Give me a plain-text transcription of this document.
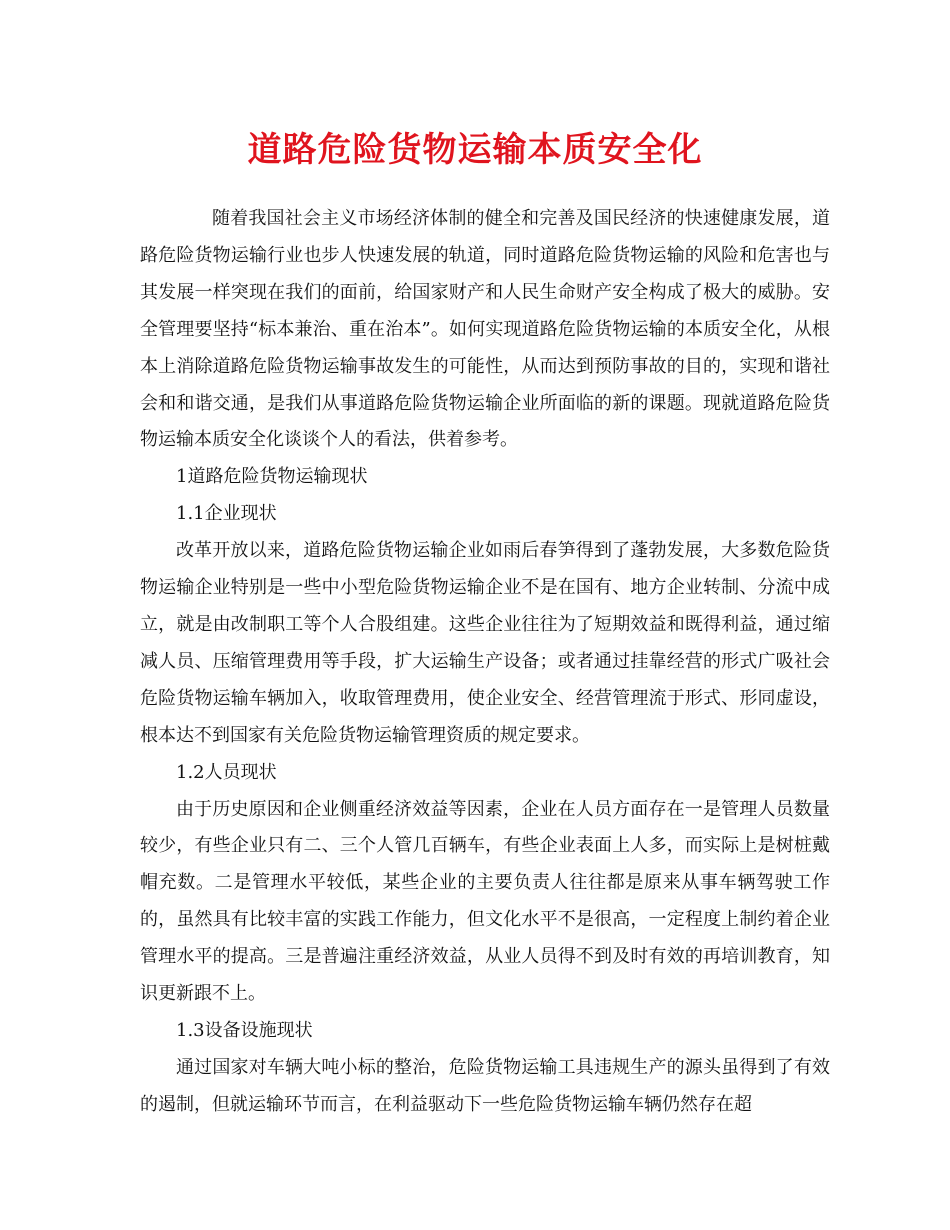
道路危险货物运输本质安全化

随着我国社会主义市场经济体制的健全和完善及国民经济的快速健康发展，道路危险货物运输行业也步人快速发展的轨道，同时道路危险货物运输的风险和危害也与其发展一样突现在我们的面前，给国家财产和人民生命财产安全构成了极大的威胁。安全管理要坚持“标本兼治、重在治本”。如何实现道路危险货物运输的本质安全化，从根本上消除道路危险货物运输事故发生的可能性，从而达到预防事故的目的，实现和谐社会和和谐交通，是我们从事道路危险货物运输企业所面临的新的课题。现就道路危险货物运输本质安全化谈谈个人的看法，供着参考。

1道路危险货物运输现状

1.1企业现状

改革开放以来，道路危险货物运输企业如雨后春笋得到了蓬勃发展，大多数危险货物运输企业特别是一些中小型危险货物运输企业不是在国有、地方企业转制、分流中成立，就是由改制职工等个人合股组建。这些企业往往为了短期效益和既得利益，通过缩减人员、压缩管理费用等手段，扩大运输生产设备；或者通过挂靠经营的形式广吸社会危险货物运输车辆加入，收取管理费用，使企业安全、经营管理流于形式、形同虚设，根本达不到国家有关危险货物运输管理资质的规定要求。

1.2人员现状

由于历史原因和企业侧重经济效益等因素，企业在人员方面存在一是管理人员数量较少，有些企业只有二、三个人管几百辆车，有些企业表面上人多，而实际上是树桩戴帽充数。二是管理水平较低，某些企业的主要负责人往往都是原来从事车辆驾驶工作的，虽然具有比较丰富的实践工作能力，但文化水平不是很高，一定程度上制约着企业管理水平的提高。三是普遍注重经济效益，从业人员得不到及时有效的再培训教育，知识更新跟不上。

1.3设备设施现状

通过国家对车辆大吨小标的整治，危险货物运输工具违规生产的源头虽得到了有效的遏制，但就运输环节而言，在利益驱动下一些危险货物运输车辆仍然存在超
